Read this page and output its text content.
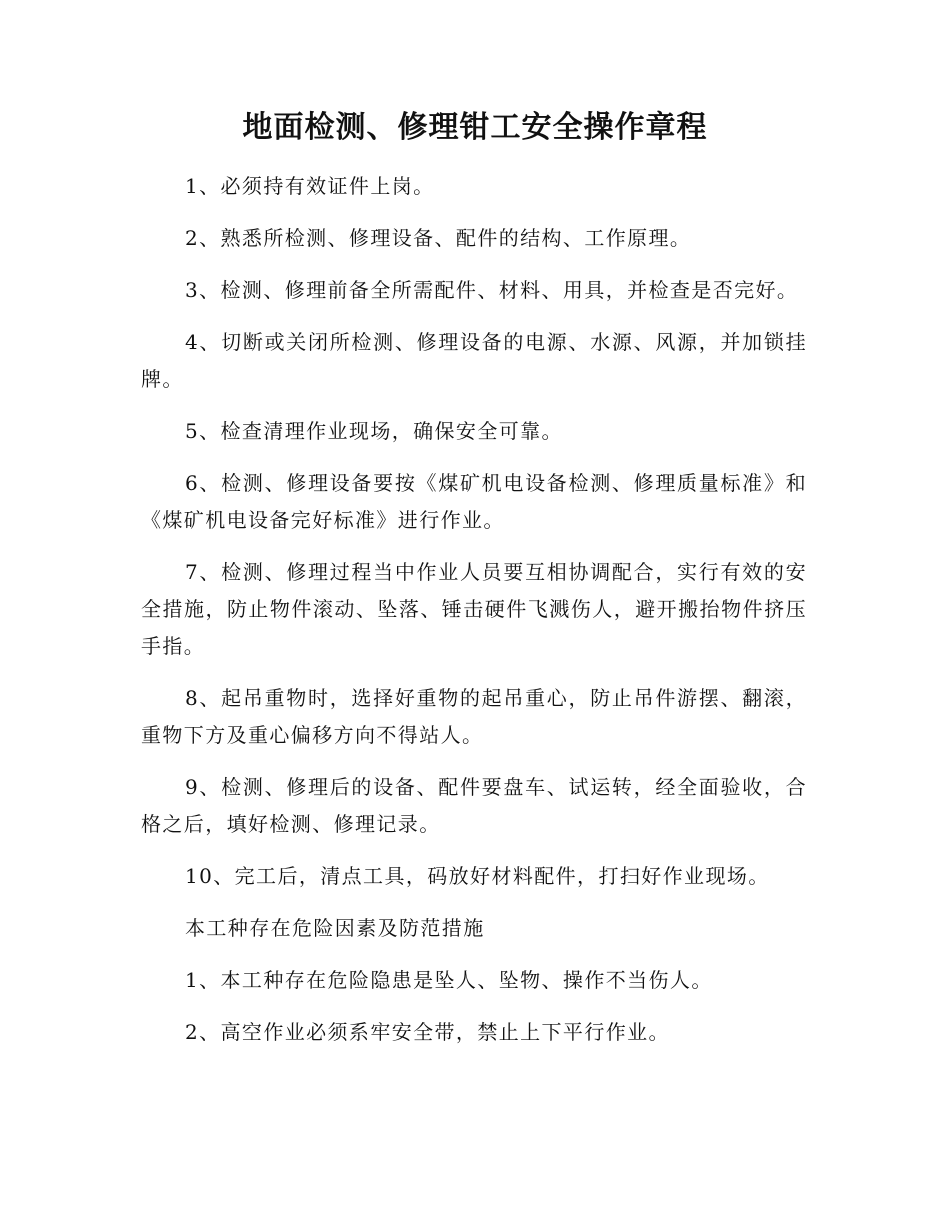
地面检测、修理钳工安全操作章程

1、必须持有效证件上岗。

2、熟悉所检测、修理设备、配件的结构、工作原理。

3、检测、修理前备全所需配件、材料、用具，并检查是否完好。

4、切断或关闭所检测、修理设备的电源、水源、风源，并加锁挂牌。

5、检查清理作业现场，确保安全可靠。

6、检测、修理设备要按《煤矿机电设备检测、修理质量标准》和《煤矿机电设备完好标准》进行作业。

7、检测、修理过程当中作业人员要互相协调配合，实行有效的安全措施，防止物件滚动、坠落、锤击硬件飞溅伤人，避开搬抬物件挤压手指。

8、起吊重物时，选择好重物的起吊重心，防止吊件游摆、翻滚，重物下方及重心偏移方向不得站人。

9、检测、修理后的设备、配件要盘车、试运转，经全面验收，合格之后，填好检测、修理记录。

10、完工后，清点工具，码放好材料配件，打扫好作业现场。

本工种存在危险因素及防范措施

1、本工种存在危险隐患是坠人、坠物、操作不当伤人。

2、高空作业必须系牢安全带，禁止上下平行作业。
